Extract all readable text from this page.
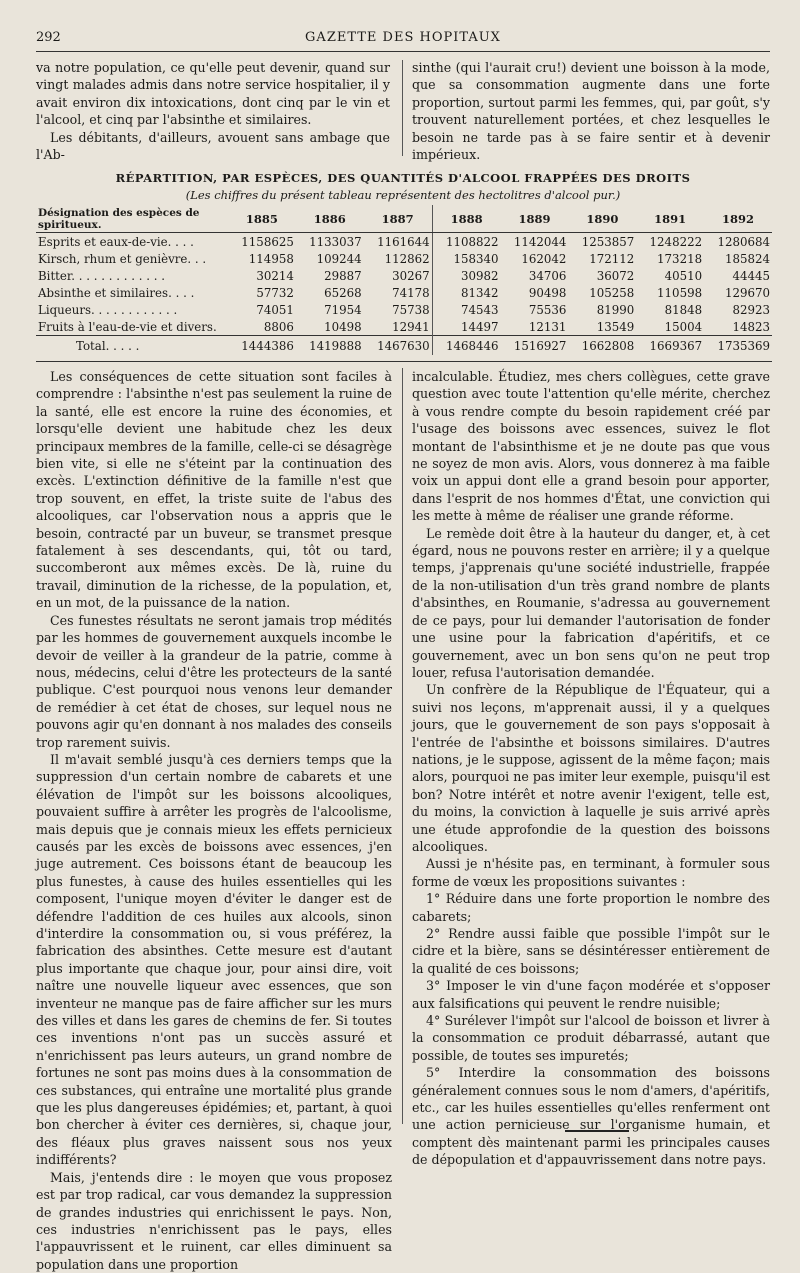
292	GAZETTE DES HOPITAUX

va notre population, ce qu'elle peut devenir, quand sur vingt malades admis dans notre service hospitalier, il y avait environ dix intoxications, dont cinq par le vin et l'alcool, et cinq par l'absinthe et similaires.

Les débitants, d'ailleurs, avouent sans ambage que l'Ab-

sinthe (qui l'aurait cru!) devient une boisson à la mode, que sa consommation augmente dans une forte proportion, surtout parmi les femmes, qui, par goût, s'y trouvent naturellement portées, et chez lesquelles le besoin ne tarde pas à se faire sentir et à devenir impérieux.

RÉPARTITION, PAR ESPÈCES, DES QUANTITÉS D'ALCOOL FRAPPÉES DES DROITS
(Les chiffres du présent tableau représentent des hectolitres d'alcool pur.)
Désignation des espèces de spiritueux.	1885	1886	1887	1888	1889	1890	1891	1892
Esprits et eaux-de-vie. . . .	1158625	1133037	1161644	1108822	1142044	1253857	1248222	1280684
Kirsch, rhum et genièvre. . .	114958	109244	112862	158340	162042	172112	173218	185824
Bitter. . . . . . . . . . . . .	30214	29887	30267	30982	34706	36072	40510	44445
Absinthe et similaires. . . .	57732	65268	74178	81342	90498	105258	110598	129670
Liqueurs. . . . . . . . . . . .	74051	71954	75738	74543	75536	81990	81848	82923
Fruits à l'eau-de-vie et divers.	8806	10498	12941	14497	12131	13549	15004	14823
Total. . . . .	1444386	1419888	1467630	1468446	1516927	1662808	1669367	1735369

Les conséquences de cette situation sont faciles à comprendre : l'absinthe n'est pas seulement la ruine de la santé, elle est encore la ruine des économies, et lorsqu'elle devient une habitude chez les deux principaux membres de la famille, celle-ci se désagrège bien vite, si elle ne s'éteint par la continuation des excès. L'extinction définitive de la famille n'est que trop souvent, en effet, la triste suite de l'abus des alcooliques, car l'observation nous a appris que le besoin, contracté par un buveur, se transmet presque fatalement à ses descendants, qui, tôt ou tard, succomberont aux mêmes excès. De là, ruine du travail, diminution de la richesse, de la population, et, en un mot, de la puissance de la nation.

Ces funestes résultats ne seront jamais trop médités par les hommes de gouvernement auxquels incombe le devoir de veiller à la grandeur de la patrie, comme à nous, médecins, celui d'être les protecteurs de la santé publique. C'est pourquoi nous venons leur demander de remédier à cet état de choses, sur lequel nous ne pouvons agir qu'en donnant à nos malades des conseils trop rarement suivis.

Il m'avait semblé jusqu'à ces derniers temps que la suppression d'un certain nombre de cabarets et une élévation de l'impôt sur les boissons alcooliques, pouvaient suffire à arrêter les progrès de l'alcoolisme, mais depuis que je connais mieux les effets pernicieux causés par les excès de boissons avec essences, j'en juge autrement. Ces boissons étant de beaucoup les plus funestes, à cause des huiles essentielles qui les composent, l'unique moyen d'éviter le danger est de défendre l'addition de ces huiles aux alcools, sinon d'interdire la consommation ou, si vous préférez, la fabrication des absinthes. Cette mesure est d'autant plus importante que chaque jour, pour ainsi dire, voit naître une nouvelle liqueur avec essences, que son inventeur ne manque pas de faire afficher sur les murs des villes et dans les gares de chemins de fer. Si toutes ces inventions n'ont pas un succès assuré et n'enrichissent pas leurs auteurs, un grand nombre de fortunes ne sont pas moins dues à la consommation de ces substances, qui entraîne une mortalité plus grande que les plus dangereuses épidémies; et, partant, à quoi bon chercher à éviter ces dernières, si, chaque jour, des fléaux plus graves naissent sous nos yeux indifférents?

Mais, j'entends dire : le moyen que vous proposez est par trop radical, car vous demandez la suppression de grandes industries qui enrichissent le pays. Non, ces industries n'enrichissent pas le pays, elles l'appauvrissent et le ruinent, car elles diminuent sa population dans une proportion

incalculable. Étudiez, mes chers collègues, cette grave question avec toute l'attention qu'elle mérite, cherchez à vous rendre compte du besoin rapidement créé par l'usage des boissons avec essences, suivez le flot montant de l'absinthisme et je ne doute pas que vous ne soyez de mon avis. Alors, vous donnerez à ma faible voix un appui dont elle a grand besoin pour apporter, dans l'esprit de nos hommes d'État, une conviction qui les mette à même de réaliser une grande réforme.

Le remède doit être à la hauteur du danger, et, à cet égard, nous ne pouvons rester en arrière; il y a quelque temps, j'apprenais qu'une société industrielle, frappée de la non-utilisation d'un très grand nombre de plants d'absinthes, en Roumanie, s'adressa au gouvernement de ce pays, pour lui demander l'autorisation de fonder une usine pour la fabrication d'apéritifs, et ce gouvernement, avec un bon sens qu'on ne peut trop louer, refusa l'autorisation demandée.

Un confrère de la République de l'Équateur, qui a suivi nos leçons, m'apprenait aussi, il y a quelques jours, que le gouvernement de son pays s'opposait à l'entrée de l'absinthe et boissons similaires. D'autres nations, je le suppose, agissent de la même façon; mais alors, pourquoi ne pas imiter leur exemple, puisqu'il est bon? Notre intérêt et notre avenir l'exigent, telle est, du moins, la conviction à laquelle je suis arrivé après une étude approfondie de la question des boissons alcooliques.

Aussi je n'hésite pas, en terminant, à formuler sous forme de vœux les propositions suivantes :

1° Réduire dans une forte proportion le nombre des cabarets;

2° Rendre aussi faible que possible l'impôt sur le cidre et la bière, sans se désintéresser entièrement de la qualité de ces boissons;

3° Imposer le vin d'une façon modérée et s'opposer aux falsifications qui peuvent le rendre nuisible;

4° Surélever l'impôt sur l'alcool de boisson et livrer à la consommation ce produit débarrassé, autant que possible, de toutes ses impuretés;

5° Interdire la consommation des boissons généralement connues sous le nom d'amers, d'apéritifs, etc., car les huiles essentielles qu'elles renferment ont une action pernicieuse sur l'organisme humain, et comptent dès maintenant parmi les principales causes de dépopulation et d'appauvrissement dans notre pays.
